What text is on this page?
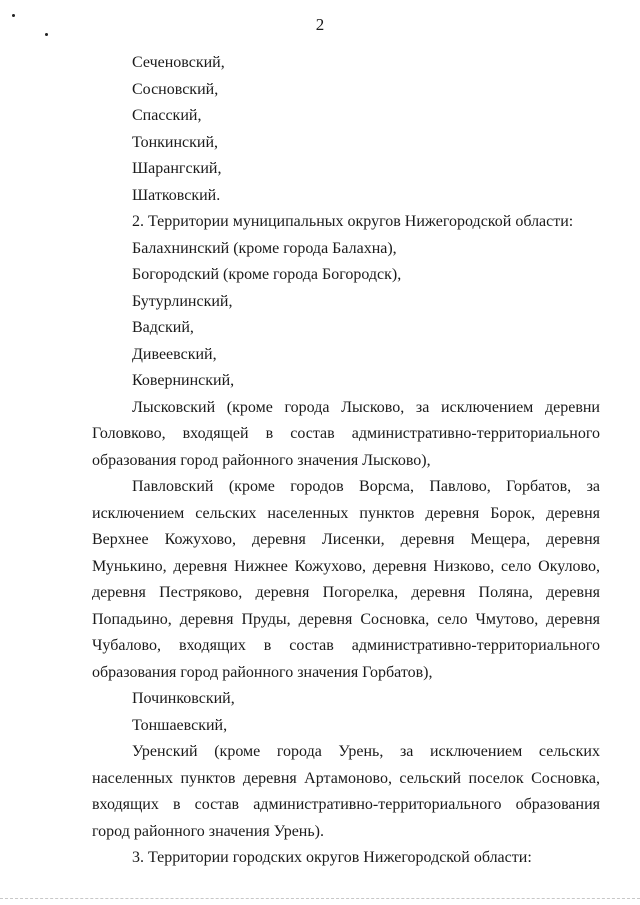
2
Сеченовский,
Сосновский,
Спасский,
Тонкинский,
Шарангский,
Шатковский.
2. Территории муниципальных округов Нижегородской области:
Балахнинский (кроме города Балахна),
Богородский (кроме города Богородск),
Бутурлинский,
Вадский,
Дивеевский,
Ковернинский,
Лысковский (кроме города Лысково, за исключением деревни Головково, входящей в состав административно-территориального образования город районного значения Лысково),
Павловский (кроме городов Ворсма, Павлово, Горбатов, за исключением сельских населенных пунктов деревня Борок, деревня Верхнее Кожухово, деревня Лисенки, деревня Мещера, деревня Мунькино, деревня Нижнее Кожухово, деревня Низково, село Окулово, деревня Пестряково, деревня Погорелка, деревня Поляна, деревня Попадьино, деревня Пруды, деревня Сосновка, село Чмутово, деревня Чубалово, входящих в состав административно-территориального образования город районного значения Горбатов),
Починковский,
Тоншаевский,
Уренский (кроме города Урень, за исключением сельских населенных пунктов деревня Артамоново, сельский поселок Сосновка, входящих в состав административно-территориального образования город районного значения Урень).
3. Территории городских округов Нижегородской области:
